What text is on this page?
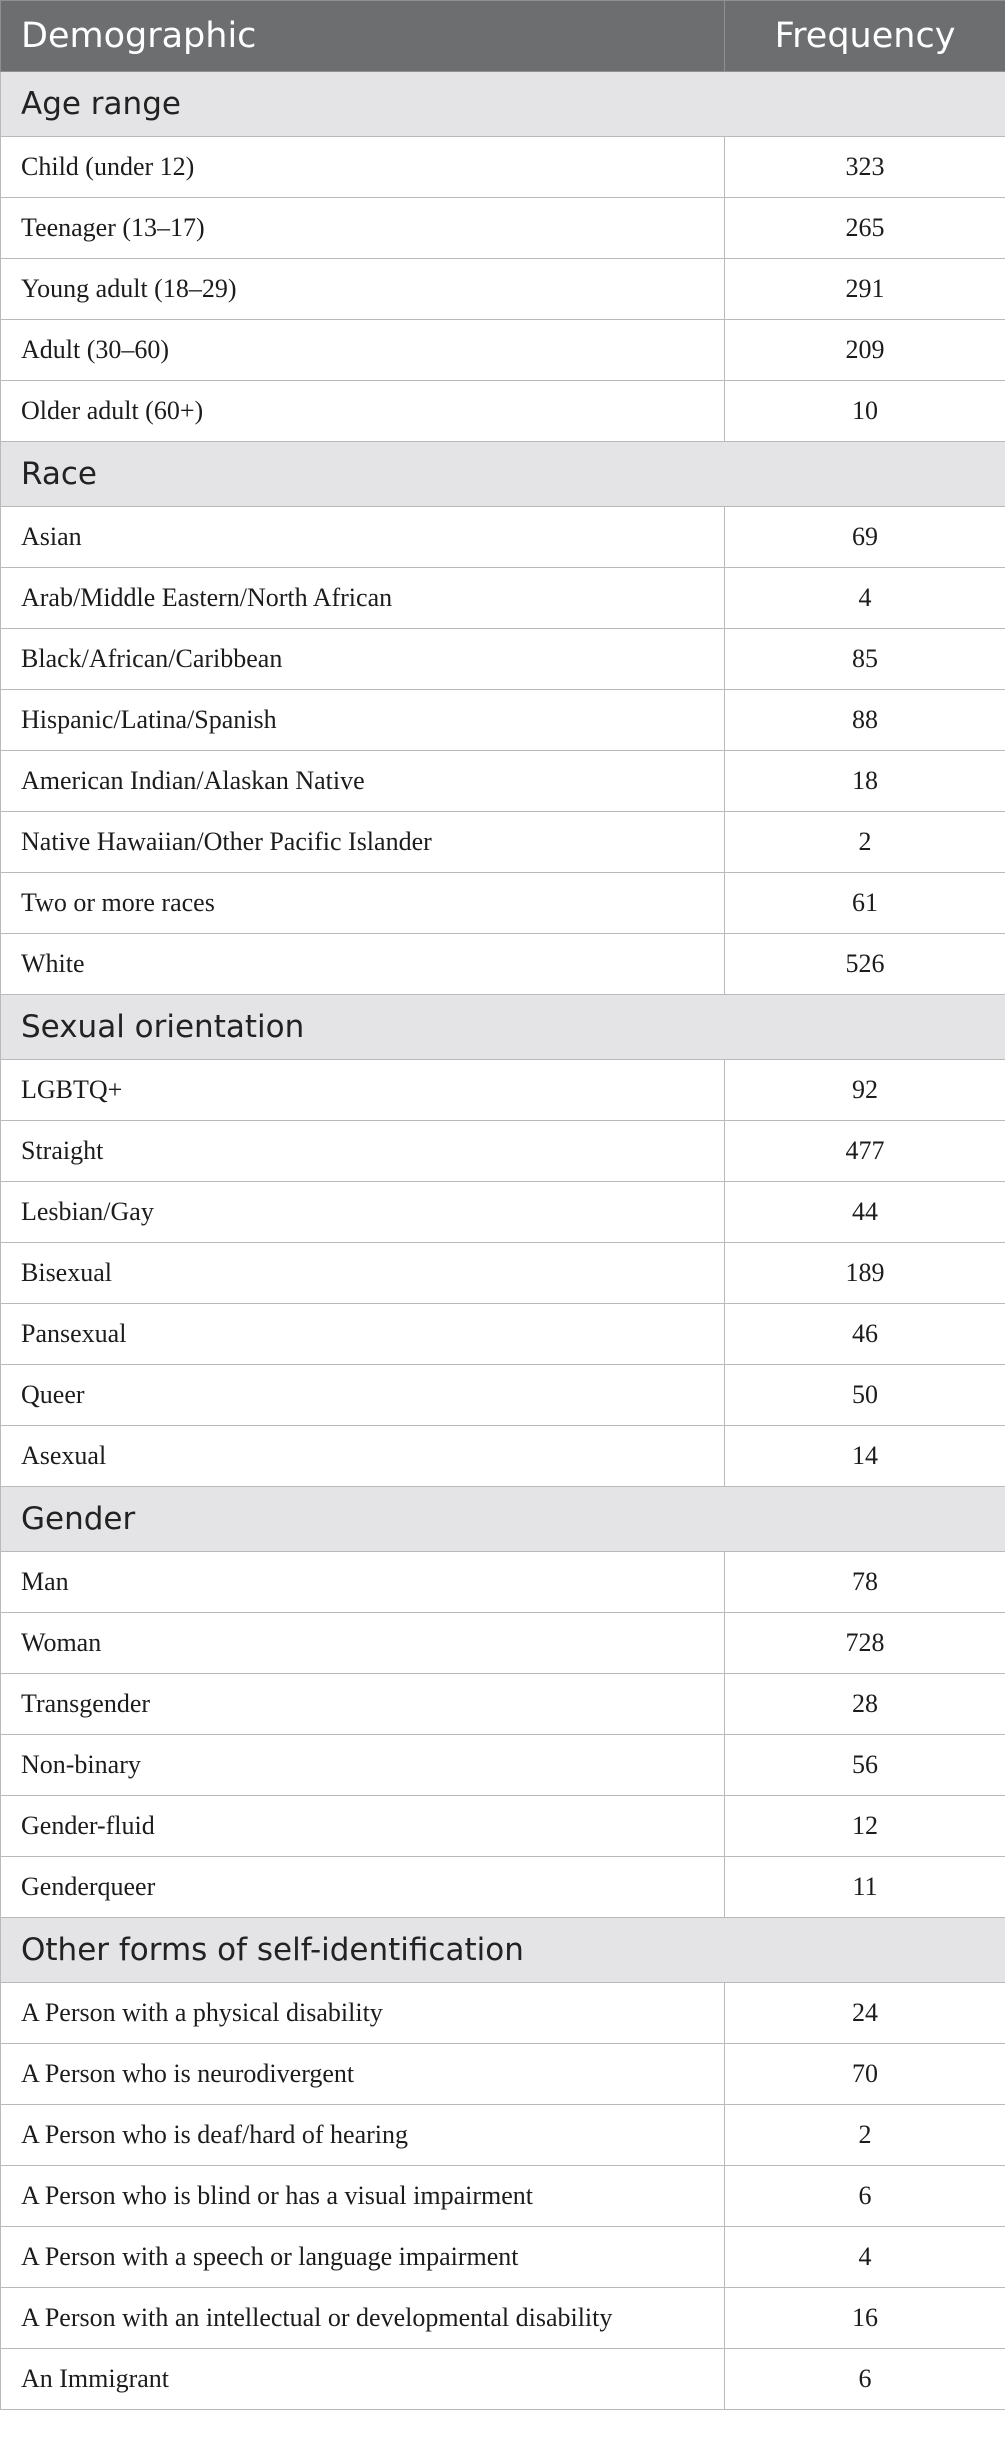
Demographic	Frequency
Age range	
Child (under 12)	323
Teenager (13–17)	265
Young adult (18–29)	291
Adult (30–60)	209
Older adult (60+)	10
Race	
Asian	69
Arab/Middle Eastern/North African	4
Black/African/Caribbean	85
Hispanic/Latina/Spanish	88
American Indian/Alaskan Native	18
Native Hawaiian/Other Pacific Islander	2
Two or more races	61
White	526
Sexual orientation	
LGBTQ+	92
Straight	477
Lesbian/Gay	44
Bisexual	189
Pansexual	46
Queer	50
Asexual	14
Gender	
Man	78
Woman	728
Transgender	28
Non-binary	56
Gender-fluid	12
Genderqueer	11
Other forms of self-identification	
A Person with a physical disability	24
A Person who is neurodivergent	70
A Person who is deaf/hard of hearing	2
A Person who is blind or has a visual impairment	6
A Person with a speech or language impairment	4
A Person with an intellectual or developmental disability	16
An Immigrant	6
